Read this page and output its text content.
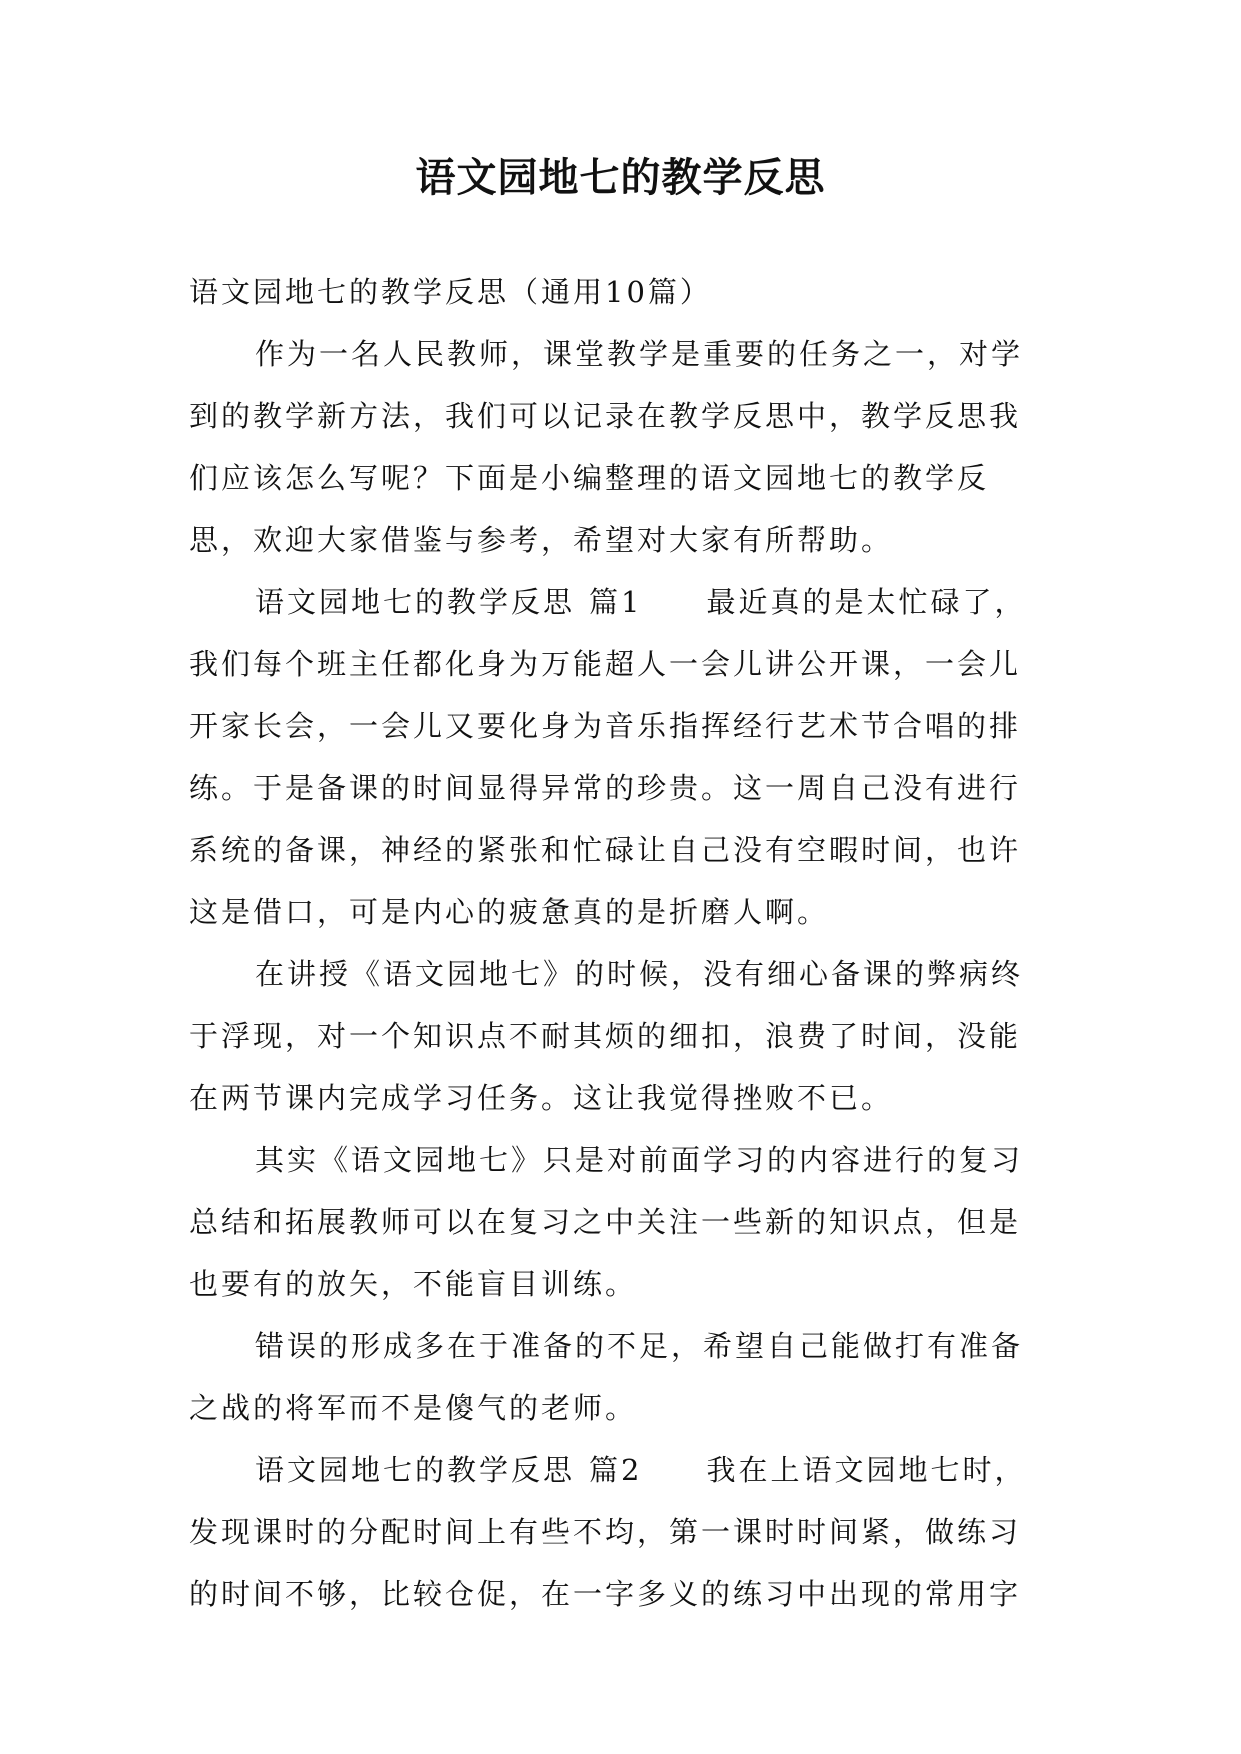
语文园地七的教学反思
语文园地七的教学反思（通用10篇）
作为一名人民教师，课堂教学是重要的任务之一，对学
到的教学新方法，我们可以记录在教学反思中，教学反思我
们应该怎么写呢？下面是小编整理的语文园地七的教学反
思，欢迎大家借鉴与参考，希望对大家有所帮助。
语文园地七的教学反思 篇1 最近真的是太忙碌了，
我们每个班主任都化身为万能超人一会儿讲公开课，一会儿
开家长会，一会儿又要化身为音乐指挥经行艺术节合唱的排
练。于是备课的时间显得异常的珍贵。这一周自己没有进行
系统的备课，神经的紧张和忙碌让自己没有空暇时间，也许
这是借口，可是内心的疲惫真的是折磨人啊。
在讲授《语文园地七》的时候，没有细心备课的弊病终
于浮现，对一个知识点不耐其烦的细扣，浪费了时间，没能
在两节课内完成学习任务。这让我觉得挫败不已。
其实《语文园地七》只是对前面学习的内容进行的复习
总结和拓展教师可以在复习之中关注一些新的知识点，但是
也要有的放矢，不能盲目训练。
错误的形成多在于准备的不足，希望自己能做打有准备
之战的将军而不是傻气的老师。
语文园地七的教学反思 篇2 我在上语文园地七时，
发现课时的分配时间上有些不均，第一课时时间紧，做练习
的时间不够，比较仓促，在一字多义的练习中出现的常用字
